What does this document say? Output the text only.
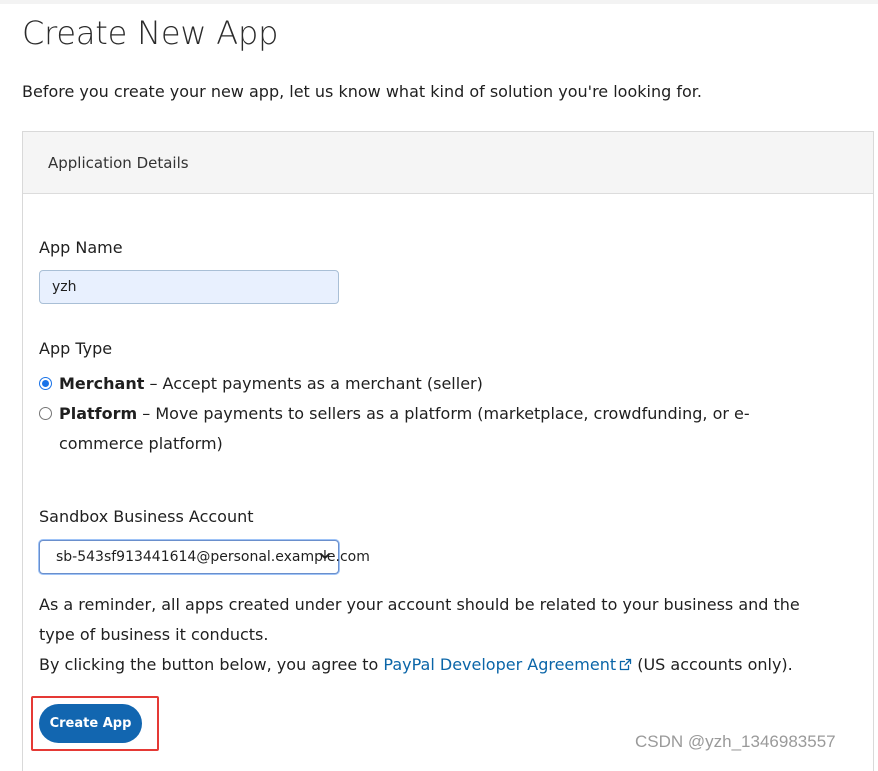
Create New App

Before you create your new app, let us know what kind of solution you're looking for.

Application Details
App Name
yzh
App Type
Merchant – Accept payments as a merchant (seller)
Platform – Move payments to sellers as a platform (marketplace, crowdfunding, or e-commerce platform)
Sandbox Business Account
sb-543sf913441614@personal.example.com

As a reminder, all apps created under your account should be related to your business and the type of business it conducts.

By clicking the button below, you agree to PayPal Developer Agreement (US accounts only).

Create App
CSDN @yzh_1346983557
